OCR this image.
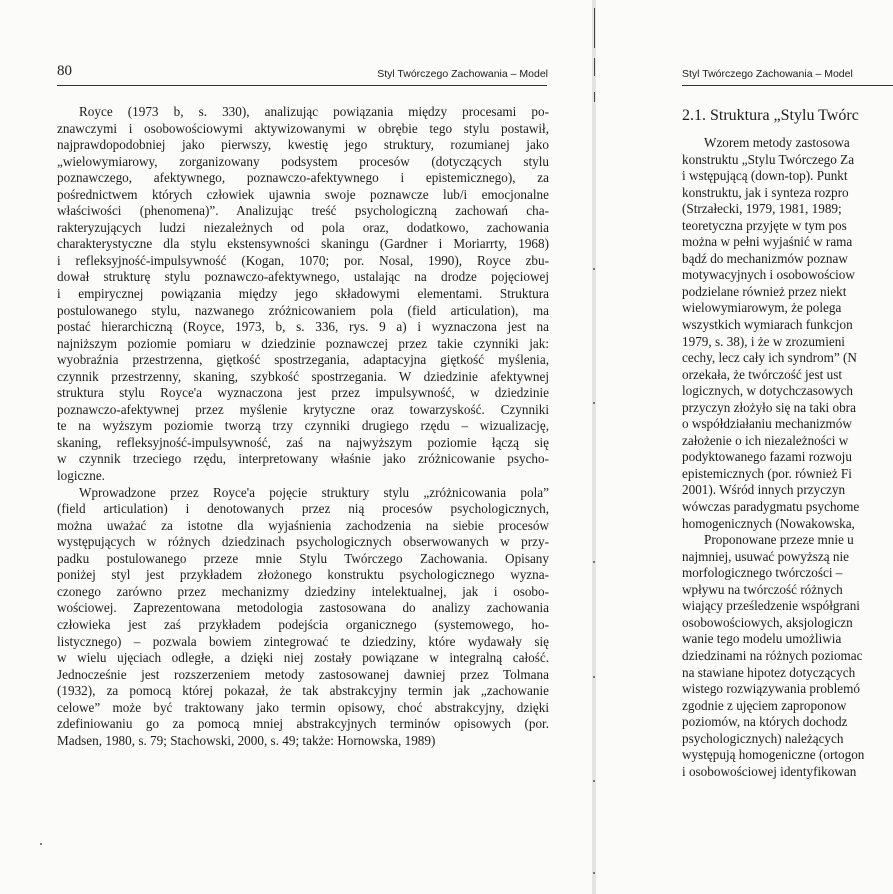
80	Styl Twórczego Zachowania – Model
Royce (1973 b, s. 330), analizując powiązania między procesami po-
znawczymi i osobowościowymi aktywizowanymi w obrębie tego stylu postawił,
najprawdopodobniej jako pierwszy, kwestię jego struktury, rozumianej jako
„wielowymiarowy, zorganizowany podsystem procesów (dotyczących stylu
poznawczego, afektywnego, poznawczo-afektywnego i epistemicznego), za
pośrednictwem których człowiek ujawnia swoje poznawcze lub/i emocjonalne
właściwości (phenomena)”. Analizując treść psychologiczną zachowań cha-
rakteryzujących ludzi niezależnych od pola oraz, dodatkowo, zachowania
charakterystyczne dla stylu ekstensywności skaningu (Gardner i Moriarrty, 1968)
i refleksyjność-impulsywność (Kogan, 1070; por. Nosal, 1990), Royce zbu-
dował strukturę stylu poznawczo-afektywnego, ustalając na drodze pojęciowej
i empirycznej powiązania między jego składowymi elementami. Struktura
postulowanego stylu, nazwanego zróżnicowaniem pola (field articulation), ma
postać hierarchiczną (Royce, 1973, b, s. 336, rys. 9 a) i wyznaczona jest na
najniższym poziomie pomiaru w dziedzinie poznawczej przez takie czynniki jak:
wyobraźnia przestrzenna, giętkość spostrzegania, adaptacyjna giętkość myślenia,
czynnik przestrzenny, skaning, szybkość spostrzegania. W dziedzinie afektywnej
struktura stylu Royce'a wyznaczona jest przez impulsywność, w dziedzinie
poznawczo-afektywnej przez myślenie krytyczne oraz towarzyskość. Czynniki
te na wyższym poziomie tworzą trzy czynniki drugiego rzędu – wizualizację,
skaning, refleksyjność-impulsywność, zaś na najwyższym poziomie łączą się
w czynnik trzeciego rzędu, interpretowany właśnie jako zróżnicowanie psycho-
logiczne.
Wprowadzone przez Royce'a pojęcie struktury stylu „zróżnicowania pola”
(field articulation) i denotowanych przez nią procesów psychologicznych,
można uważać za istotne dla wyjaśnienia zachodzenia na siebie procesów
występujących w różnych dziedzinach psychologicznych obserwowanych w przy-
padku postulowanego przeze mnie Stylu Twórczego Zachowania. Opisany
poniżej styl jest przykładem złożonego konstruktu psychologicznego wyzna-
czonego zarówno przez mechanizmy dziedziny intelektualnej, jak i osobo-
wościowej. Zaprezentowana metodologia zastosowana do analizy zachowania
człowieka jest zaś przykładem podejścia organicznego (systemowego, ho-
listycznego) – pozwala bowiem zintegrować te dziedziny, które wydawały się
w wielu ujęciach odległe, a dzięki niej zostały powiązane w integralną całość.
Jednocześnie jest rozszerzeniem metody zastosowanej dawniej przez Tolmana
(1932), za pomocą której pokazał, że tak abstrakcyjny termin jak „zachowanie
celowe” może być traktowany jako termin opisowy, choć abstrakcyjny, dzięki
zdefiniowaniu go za pomocą mniej abstrakcyjnych terminów opisowych (por.
Madsen, 1980, s. 79; Stachowski, 2000, s. 49; także: Hornowska, 1989)
Styl Twórczego Zachowania – Model
2.1. Struktura „Stylu Twórc
Wzorem metody zastosowa
konstruktu „Stylu Twórczego Za
i wstępującą (down-top). Punkt
konstruktu, jak i synteza rozpro
(Strzałecki, 1979, 1981, 1989;
teoretyczna przyjęte w tym pos
można w pełni wyjaśnić w rama
bądź do mechanizmów poznaw
motywacyjnych i osobowościow
podzielane również przez niekt
wielowymiarowym, że polega
wszystkich wymiarach funkcjon
1979, s. 38), i że w zrozumieni
cechy, lecz cały ich syndrom” (N
orzekała, że twórczość jest ust
logicznych, w dotychczasowych
przyczyn złożyło się na taki obra
o współdziałaniu mechanizmów
założenie o ich niezależności w
podyktowanego fazami rozwoju
epistemicznych (por. również Fi
2001). Wśród innych przyczyn
wówczas paradygmatu psychome
homogenicznych (Nowakowska,
Proponowane przeze mnie u
najmniej, usuwać powyższą nie
morfologicznego twórczości –
wpływu na twórczość różnych
wiający prześledzenie współgrani
osobowościowych, aksjologiczn
wanie tego modelu umożliwia
dziedzinami na różnych poziomac
na stawiane hipotez dotyczących
wistego rozwiązywania problemó
zgodnie z ujęciem zaproponow
poziomów, na których dochodz
psychologicznych) należących
występują homogeniczne (ortogon
i osobowościowej identyfikowan
